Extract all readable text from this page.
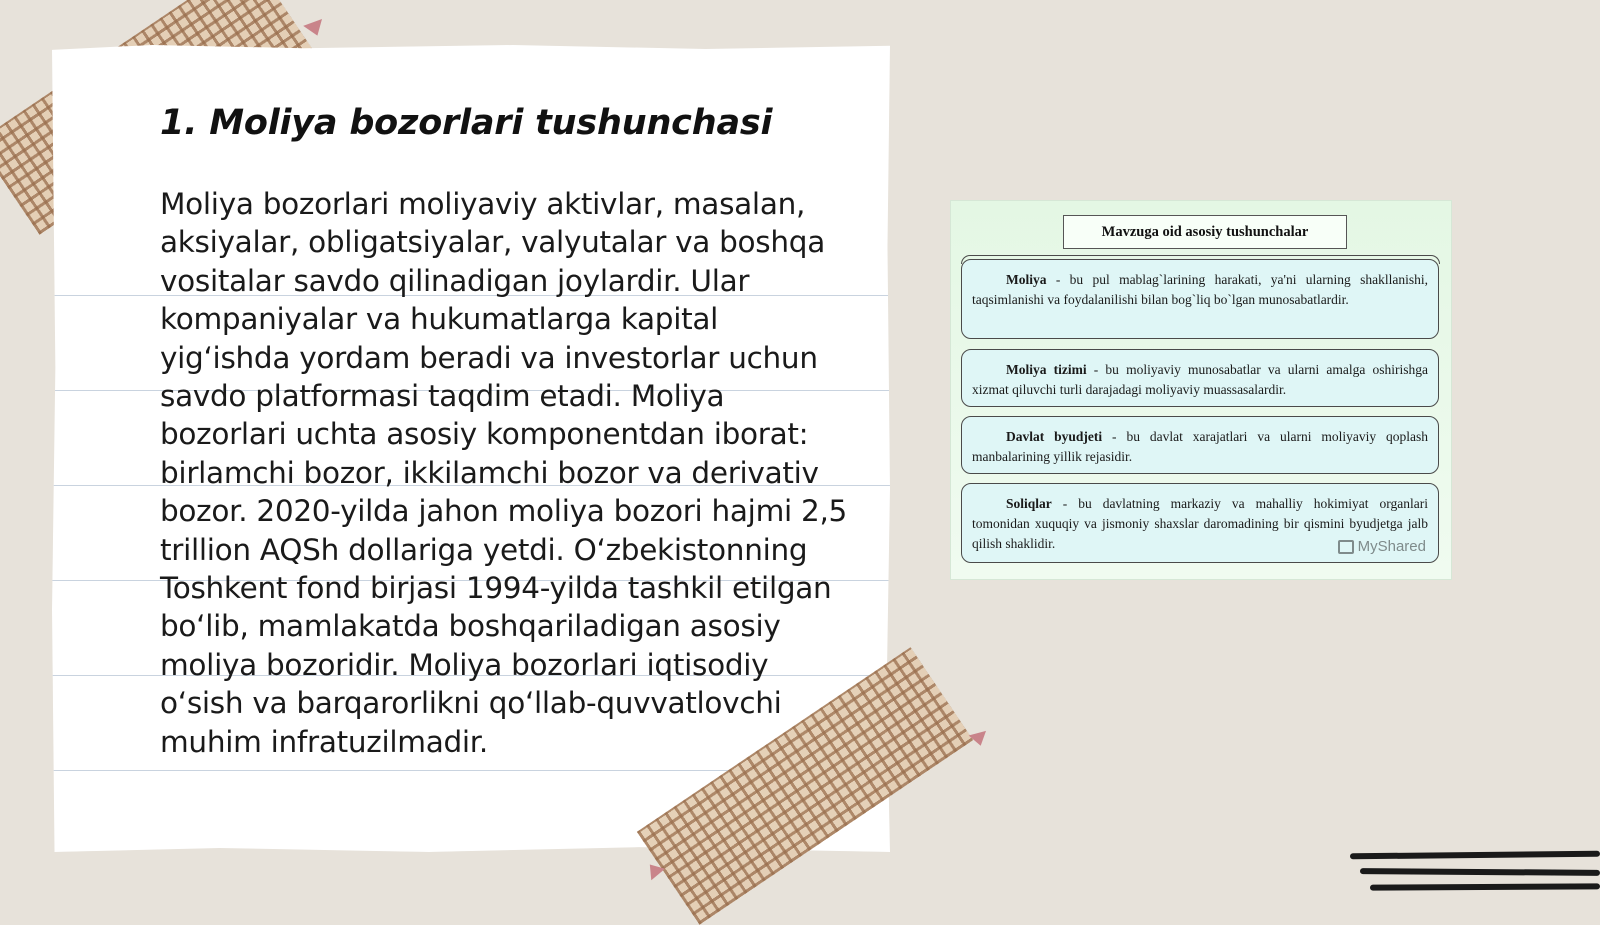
1. Moliya bozorlari tushunchasi

Moliya bozorlari moliyaviy aktivlar, masalan, aksiyalar, obligatsiyalar, valyutalar va boshqa vositalar savdo qilinadigan joylardir. Ular kompaniyalar va hukumatlarga kapital yig‘ishda yordam beradi va investorlar uchun savdo platformasi taqdim etadi. Moliya bozorlari uchta asosiy komponentdan iborat: birlamchi bozor, ikkilamchi bozor va derivativ bozor. 2020-yilda jahon moliya bozori hajmi 2,5 trillion AQSh dollariga yetdi. O‘zbekistonning Toshkent fond birjasi 1994-yilda tashkil etilgan bo‘lib, mamlakatda boshqariladigan asosiy moliya bozoridir. Moliya bozorlari iqtisodiy o‘sish va barqarorlikni qo‘llab-quvvatlovchi muhim infratuzilmadir.

Mavzuga oid asosiy tushunchalar
Moliya - bu pul mablag`larining harakati, ya'ni ularning shakllanishi, taqsimlanishi va foydalanilishi bilan bog`liq bo`lgan munosabatlardir.
Moliya tizimi - bu moliyaviy munosabatlar va ularni amalga oshirishga xizmat qiluvchi turli darajadagi moliyaviy muassasalardir.
Davlat byudjeti - bu davlat xarajatlari va ularni moliyaviy qoplash manbalarining yillik rejasidir.
Soliqlar - bu davlatning markaziy va mahalliy hokimiyat organlari tomonidan xuquqiy va jismoniy shaxslar daromadining bir qismini byudjetga jalb qilish shaklidir.	MyShared
